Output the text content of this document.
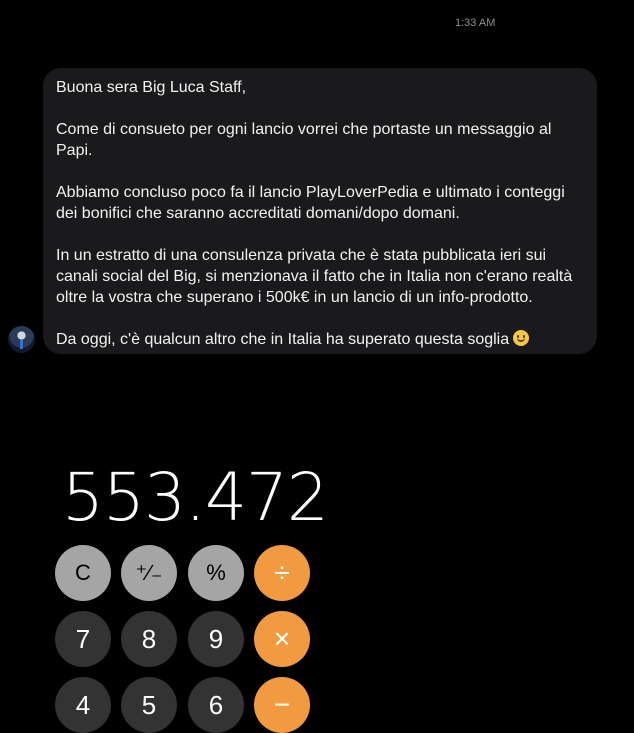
1:33 AM

Buona sera Big Luca Staff,

Come di consueto per ogni lancio vorrei che portaste un messaggio al

Papi.

Abbiamo concluso poco fa il lancio PlayLoverPedia e ultimato i conteggi

dei bonifici che saranno accreditati domani/dopo domani.

In un estratto di una consulenza privata che è stata pubblicata ieri sui

canali social del Big, si menzionava il fatto che in Italia non c'erano realtà

oltre la vostra che superano i 500k€ in un lancio di un info-prodotto.

Da oggi, c'è qualcun altro che in Italia ha superato questa soglia

553.472
C	⁺∕₋	%	÷
7	8	9	×
4	5	6	−
